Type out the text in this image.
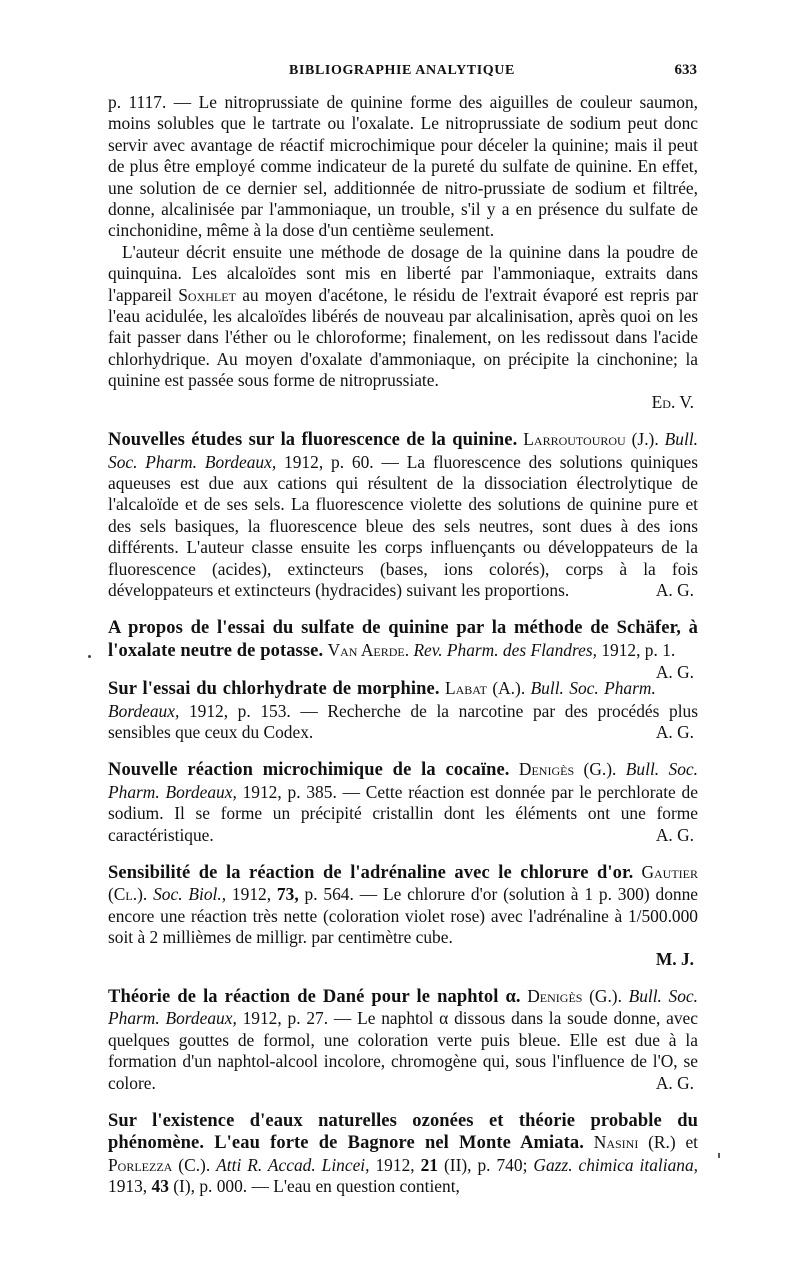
BIBLIOGRAPHIE ANALYTIQUE	633

p. 1117. — Le nitroprussiate de quinine forme des aiguilles de couleur saumon, moins solubles que le tartrate ou l'oxalate. Le nitroprussiate de sodium peut donc servir avec avantage de réactif microchimique pour déceler la quinine; mais il peut de plus être employé comme indicateur de la pureté du sulfate de quinine. En effet, une solution de ce dernier sel, additionnée de nitro-prussiate de sodium et filtrée, donne, alcalinisée par l'ammoniaque, un trouble, s'il y a en présence du sulfate de cinchonidine, même à la dose d'un centième seulement.

L'auteur décrit ensuite une méthode de dosage de la quinine dans la poudre de quinquina. Les alcaloïdes sont mis en liberté par l'ammoniaque, extraits dans l'appareil Soxhlet au moyen d'acétone, le résidu de l'extrait évaporé est repris par l'eau acidulée, les alcaloïdes libérés de nouveau par alcalinisation, après quoi on les fait passer dans l'éther ou le chloroforme; finalement, on les redissout dans l'acide chlorhydrique. Au moyen d'oxalate d'ammoniaque, on précipite la cinchonine; la quinine est passée sous forme de nitroprussiate.
Ed. V.

Nouvelles études sur la fluorescence de la quinine. Larroutourou (J.). Bull. Soc. Pharm. Bordeaux, 1912, p. 60. — La fluorescence des solutions quiniques aqueuses est due aux cations qui résultent de la dissociation électrolytique de l'alcaloïde et de ses sels. La fluorescence violette des solutions de quinine pure et des sels basiques, la fluorescence bleue des sels neutres, sont dues à des ions différents. L'auteur classe ensuite les corps influençants ou développateurs de la fluorescence (acides), extincteurs (bases, ions colorés), corps à la fois développateurs et extincteurs (hydracides) suivant les proportions.	A. G.

A propos de l'essai du sulfate de quinine par la méthode de Schäfer, à l'oxalate neutre de potasse. Van Aerde. Rev. Pharm. des Flandres, 1912, p. 1.
A. G.

Sur l'essai du chlorhydrate de morphine. Labat (A.). Bull. Soc. Pharm. Bordeaux, 1912, p. 153. — Recherche de la narcotine par des procédés plus sensibles que ceux du Codex.	A. G.

Nouvelle réaction microchimique de la cocaïne. Denigès (G.). Bull. Soc. Pharm. Bordeaux, 1912, p. 385. — Cette réaction est donnée par le perchlorate de sodium. Il se forme un précipité cristallin dont les éléments ont une forme caractéristique.	A. G.

Sensibilité de la réaction de l'adrénaline avec le chlorure d'or. Gautier (Cl.). Soc. Biol., 1912, 73, p. 564. — Le chlorure d'or (solution à 1 p. 300) donne encore une réaction très nette (coloration violet rose) avec l'adrénaline à 1/500.000 soit à 2 millièmes de milligr. par centimètre cube.
M. J.

Théorie de la réaction de Dané pour le naphtol α. Denigès (G.). Bull. Soc. Pharm. Bordeaux, 1912, p. 27. — Le naphtol α dissous dans la soude donne, avec quelques gouttes de formol, une coloration verte puis bleue. Elle est due à la formation d'un naphtol-alcool incolore, chromogène qui, sous l'influence de l'O, se colore.	A. G.

Sur l'existence d'eaux naturelles ozonées et théorie probable du phénomène. L'eau forte de Bagnore nel Monte Amiata. Nasini (R.) et Porlezza (C.). Atti R. Accad. Lincei, 1912, 21 (II), p. 740; Gazz. chimica italiana, 1913, 43 (I), p. 000. — L'eau en question contient,
